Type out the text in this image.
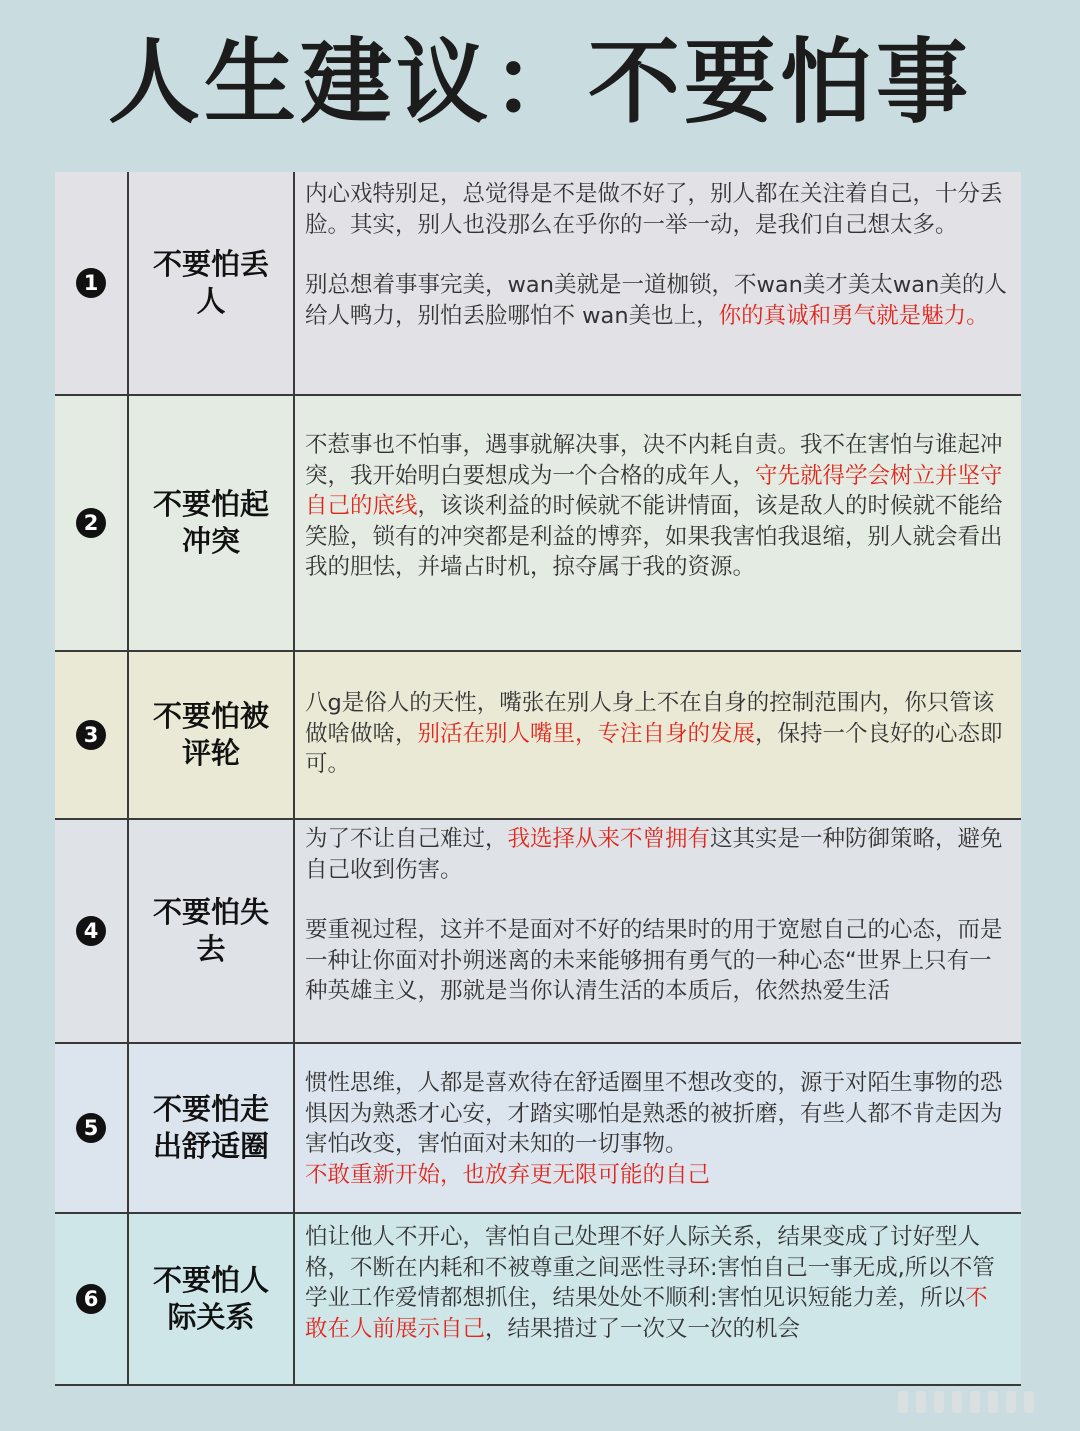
人生建议：不要怕事
1
不要怕丢人

内心戏特别足，总觉得是不是做不好了，别人都在关注着自己，十分丢脸。其实，别人也没那么在乎你的一举一动，是我们自己想太多。

别总想着事事完美，wan美就是一道枷锁，不wan美才美太wan美的人给人鸭力，别怕丢脸哪怕不 wan美也上，你的真诚和勇气就是魅力。

2
不要怕起冲突

不惹事也不怕事，遇事就解决事，决不内耗自责。我不在害怕与谁起冲突，我开始明白要想成为一个合格的成年人，守先就得学会树立并坚守自己的底线，该谈利益的时候就不能讲情面，该是敌人的时候就不能给笑脸，锁有的冲突都是利益的博弈，如果我害怕我退缩，别人就会看出我的胆怯，并墙占时机，掠夺属于我的资源。

3
不要怕被评轮

八g是俗人的天性，嘴张在别人身上不在自身的控制范围内，你只管该做啥做啥，别活在别人嘴里，专注自身的发展，保持一个良好的心态即可。

4
不要怕失去

为了不让自己难过，我选择从来不曾拥有这其实是一种防御策略，避免自己收到伤害。

要重视过程，这并不是面对不好的结果时的用于宽慰自己的心态，而是一种让你面对扑朔迷离的未来能够拥有勇气的一种心态“世界上只有一种英雄主义，那就是当你认清生活的本质后，依然热爱生活

5
不要怕走出舒适圈

惯性思维，人都是喜欢待在舒适圈里不想改变的，源于对陌生事物的恐惧因为熟悉才心安，才踏实哪怕是熟悉的被折磨，有些人都不肯走因为害怕改变，害怕面对未知的一切事物。

不敢重新开始，也放弃更无限可能的自己

6
不要怕人际关系

怕让他人不开心，害怕自己处理不好人际关系，结果变成了讨好型人格，不断在内耗和不被尊重之间恶性寻环:害怕自己一事无成,所以不管学业工作爱情都想抓住，结果处处不顺利:害怕见识短能力差，所以不敢在人前展示自己，结果措过了一次又一次的机会
